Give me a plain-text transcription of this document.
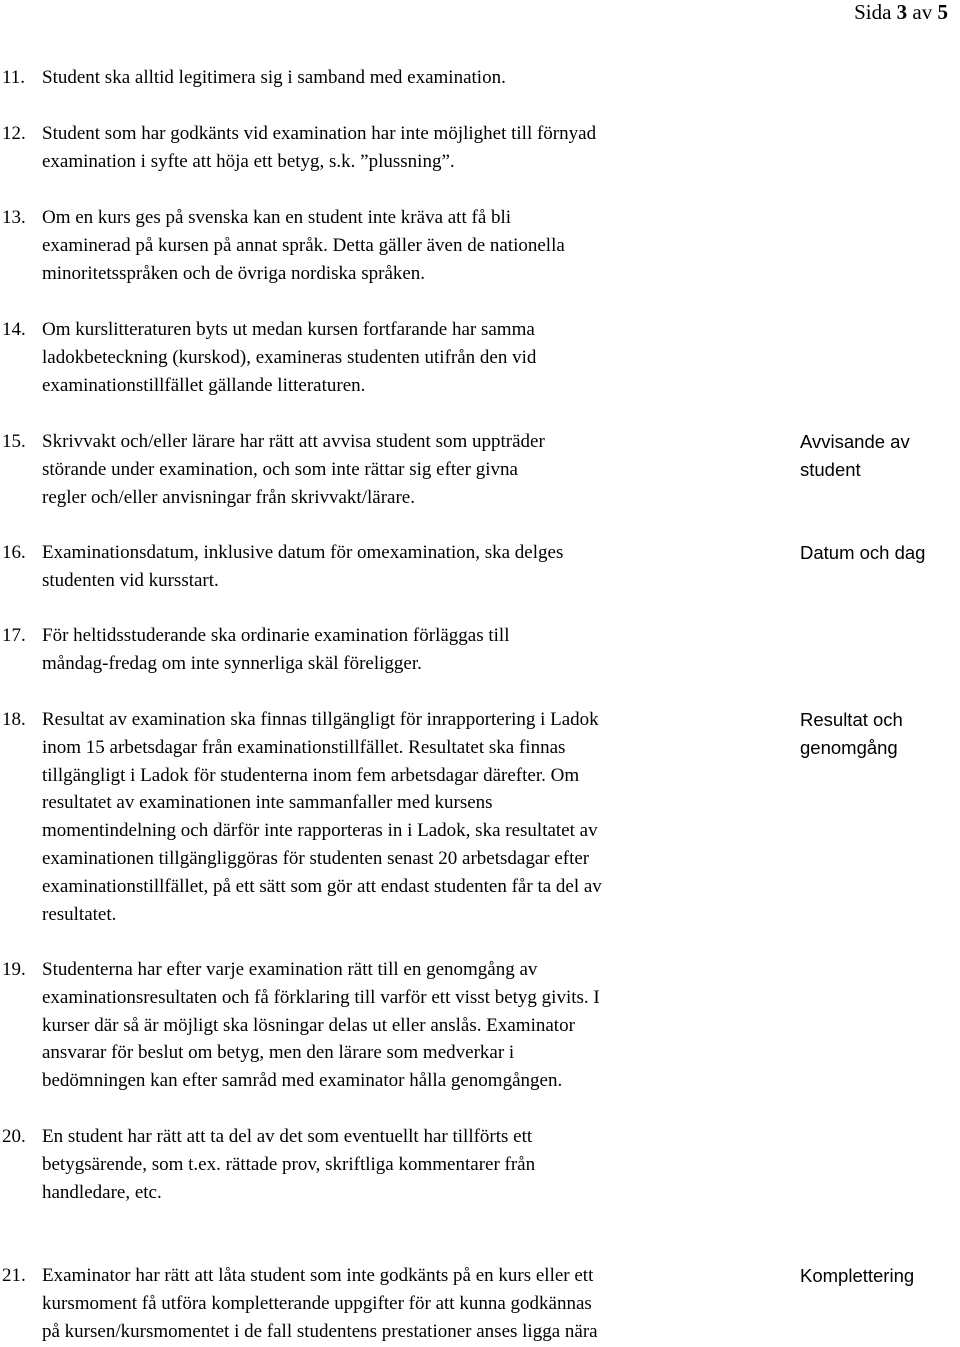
Sida 3 av 5
11. Student ska alltid legitimera sig i samband med examination.
12. Student som har godkänts vid examination har inte möjlighet till förnyad
examination i syfte att höja ett betyg, s.k. ”plussning”.
13. Om en kurs ges på svenska kan en student inte kräva att få bli
examinerad på kursen på annat språk. Detta gäller även de nationella
minoritetsspråken och de övriga nordiska språken.
14. Om kurslitteraturen byts ut medan kursen fortfarande har samma
ladokbeteckning (kurskod), examineras studenten utifrån den vid
examinationstillfället gällande litteraturen.
15. Skrivvakt och/eller lärare har rätt att avvisa student som uppträder
störande under examination, och som inte rättar sig efter givna
regler och/eller anvisningar från skrivvakt/lärare.
Avvisande av
student
16. Examinationsdatum, inklusive datum för omexamination, ska delges
studenten vid kursstart.
Datum och dag
17. För heltidsstuderande ska ordinarie examination förläggas till
måndag-fredag om inte synnerliga skäl föreligger.
18. Resultat av examination ska finnas tillgängligt för inrapportering i Ladok
inom 15 arbetsdagar från examinationstillfället. Resultatet ska finnas
tillgängligt i Ladok för studenterna inom fem arbetsdagar därefter. Om
resultatet av examinationen inte sammanfaller med kursens
momentindelning och därför inte rapporteras in i Ladok, ska resultatet av
examinationen tillgängliggöras för studenten senast 20 arbetsdagar efter
examinationstillfället, på ett sätt som gör att endast studenten får ta del av
resultatet.
Resultat och
genomgång
19. Studenterna har efter varje examination rätt till en genomgång av
examinationsresultaten och få förklaring till varför ett visst betyg givits. I
kurser där så är möjligt ska lösningar delas ut eller anslås. Examinator
ansvarar för beslut om betyg, men den lärare som medverkar i
bedömningen kan efter samråd med examinator hålla genomgången.
20. En student har rätt att ta del av det som eventuellt har tillförts ett
betygsärende, som t.ex. rättade prov, skriftliga kommentarer från
handledare, etc.
21. Examinator har rätt att låta student som inte godkänts på en kurs eller ett
kursmoment få utföra kompletterande uppgifter för att kunna godkännas
på kursen/kursmomentet i de fall studentens prestationer anses ligga nära
Komplettering
